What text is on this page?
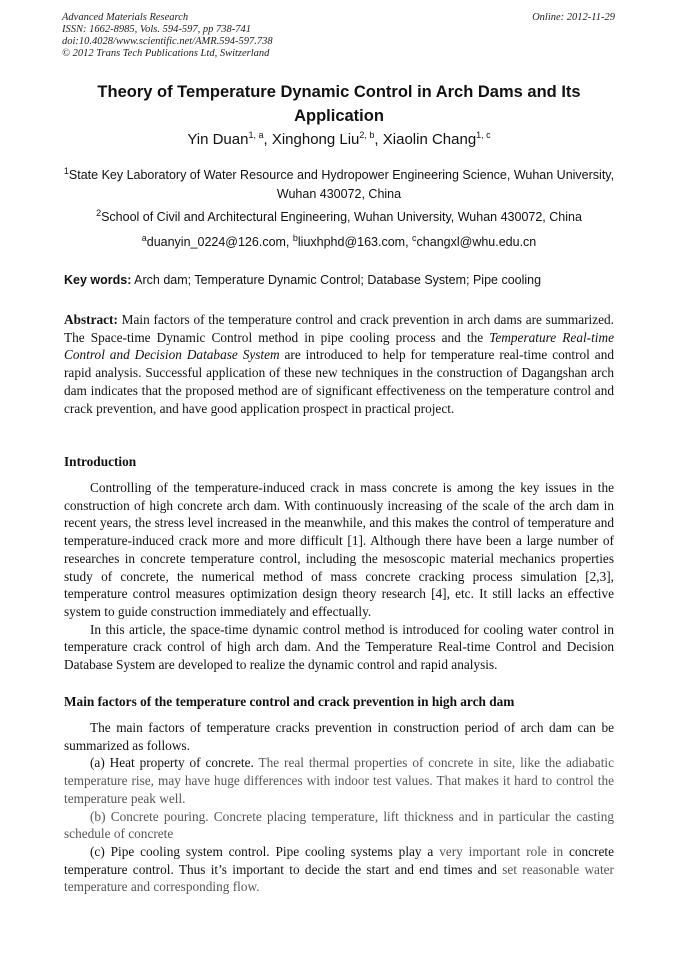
Advanced Materials Research
ISSN: 1662-8985, Vols. 594-597, pp 738-741
doi:10.4028/www.scientific.net/AMR.594-597.738
© 2012 Trans Tech Publications Ltd, Switzerland
Online: 2012-11-29
Theory of Temperature Dynamic Control in Arch Dams and Its Application
Yin Duan$^{1, a}$, Xinghong Liu$^{2, b}$, Xiaolin Chang$^{1, c}$
$^1$State Key Laboratory of Water Resource and Hydropower Engineering Science, Wuhan University, Wuhan 430072, China
$^2$School of Civil and Architectural Engineering, Wuhan University, Wuhan 430072, China
$^a$duanyin_0224@126.com, $^b$liuxhphd@163.com, $^c$changxl@whu.edu.cn
Key words: Arch dam; Temperature Dynamic Control; Database System; Pipe cooling

Abstract: Main factors of the temperature control and crack prevention in arch dams are summarized. The Space-time Dynamic Control method in pipe cooling process and the Temperature Real-time Control and Decision Database System are introduced to help for temperature real-time control and rapid analysis. Successful application of these new techniques in the construction of Dagangshan arch dam indicates that the proposed method are of significant effectiveness on the temperature control and crack prevention, and have good application prospect in practical project.

Introduction

Controlling of the temperature-induced crack in mass concrete is among the key issues in the construction of high concrete arch dam. With continuously increasing of the scale of the arch dam in recent years, the stress level increased in the meanwhile, and this makes the control of temperature and temperature-induced crack more and more difficult [1]. Although there have been a large number of researches in concrete temperature control, including the mesoscopic material mechanics properties study of concrete, the numerical method of mass concrete cracking process simulation [2,3], temperature control measures optimization design theory research [4], etc. It still lacks an effective system to guide construction immediately and effectually.

In this article, the space-time dynamic control method is introduced for cooling water control in temperature crack control of high arch dam. And the Temperature Real-time Control and Decision Database System are developed to realize the dynamic control and rapid analysis.

Main factors of the temperature control and crack prevention in high arch dam

The main factors of temperature cracks prevention in construction period of arch dam can be summarized as follows.

(a) Heat property of concrete. The real thermal properties of concrete in site, like the adiabatic temperature rise, may have huge differences with indoor test values. That makes it hard to control the temperature peak well.

(b) Concrete pouring. Concrete placing temperature, lift thickness and in particular the casting schedule of concrete

(c) Pipe cooling system control. Pipe cooling systems play a very important role in concrete temperature control. Thus it’s important to decide the start and end times and set reasonable water temperature and corresponding flow.
